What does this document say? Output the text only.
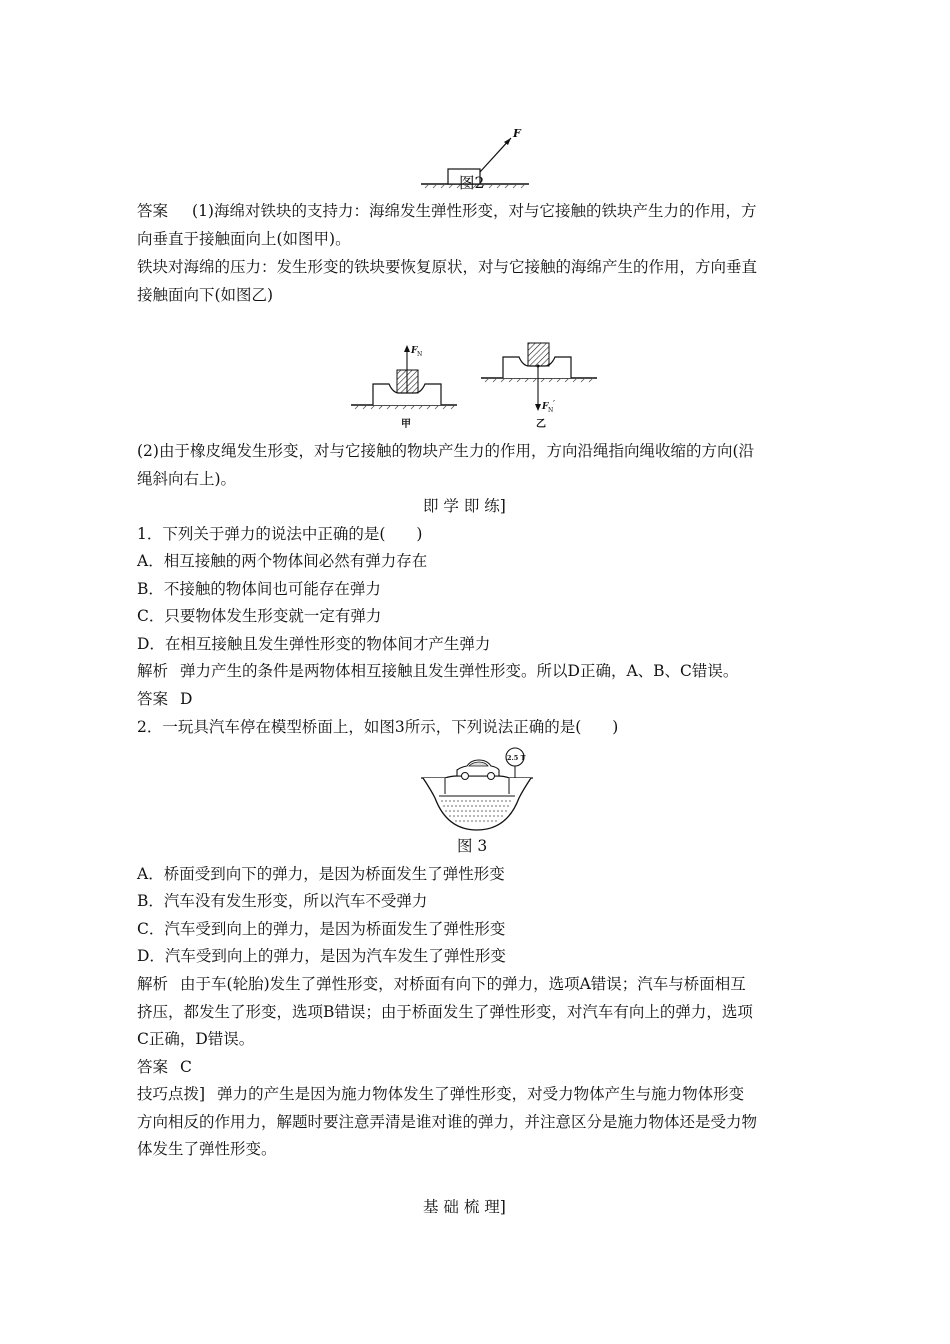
F
图2
答案 (1)海绵对铁块的支持力：海绵发生弹性形变，对与它接触的铁块产生力的作用，方
向垂直于接触面向上(如图甲)。
铁块对海绵的压力：发生形变的铁块要恢复原状，对与它接触的海绵产生的作用，方向垂直
接触面向下(如图乙)
F N
甲
F N
′
乙
(2)由于橡皮绳发生形变，对与它接触的物块产生力的作用，方向沿绳指向绳收缩的方向(沿
绳斜向右上)。
即 学 即 练]
1．下列关于弹力的说法中正确的是(　　)
A．相互接触的两个物体间必然有弹力存在
B．不接触的物体间也可能存在弹力
C．只要物体发生形变就一定有弹力
D．在相互接触且发生弹性形变的物体间才产生弹力
解析 弹力产生的条件是两物体相互接触且发生弹性形变。所以D正确，A、B、C错误。
答案 D
2．一玩具汽车停在模型桥面上，如图3所示，下列说法正确的是(　　)
2.5 T
图 3
A．桥面受到向下的弹力，是因为桥面发生了弹性形变
B．汽车没有发生形变，所以汽车不受弹力
C．汽车受到向上的弹力，是因为桥面发生了弹性形变
D．汽车受到向上的弹力，是因为汽车发生了弹性形变
解析 由于车(轮胎)发生了弹性形变，对桥面有向下的弹力，选项A错误；汽车与桥面相互
挤压，都发生了形变，选项B错误；由于桥面发生了弹性形变，对汽车有向上的弹力，选项
C正确，D错误。
答案 C
技巧点拨] 弹力的产生是因为施力物体发生了弹性形变，对受力物体产生与施力物体形变
方向相反的作用力，解题时要注意弄清是谁对谁的弹力，并注意区分是施力物体还是受力物
体发生了弹性形变。
基 础 梳 理]
